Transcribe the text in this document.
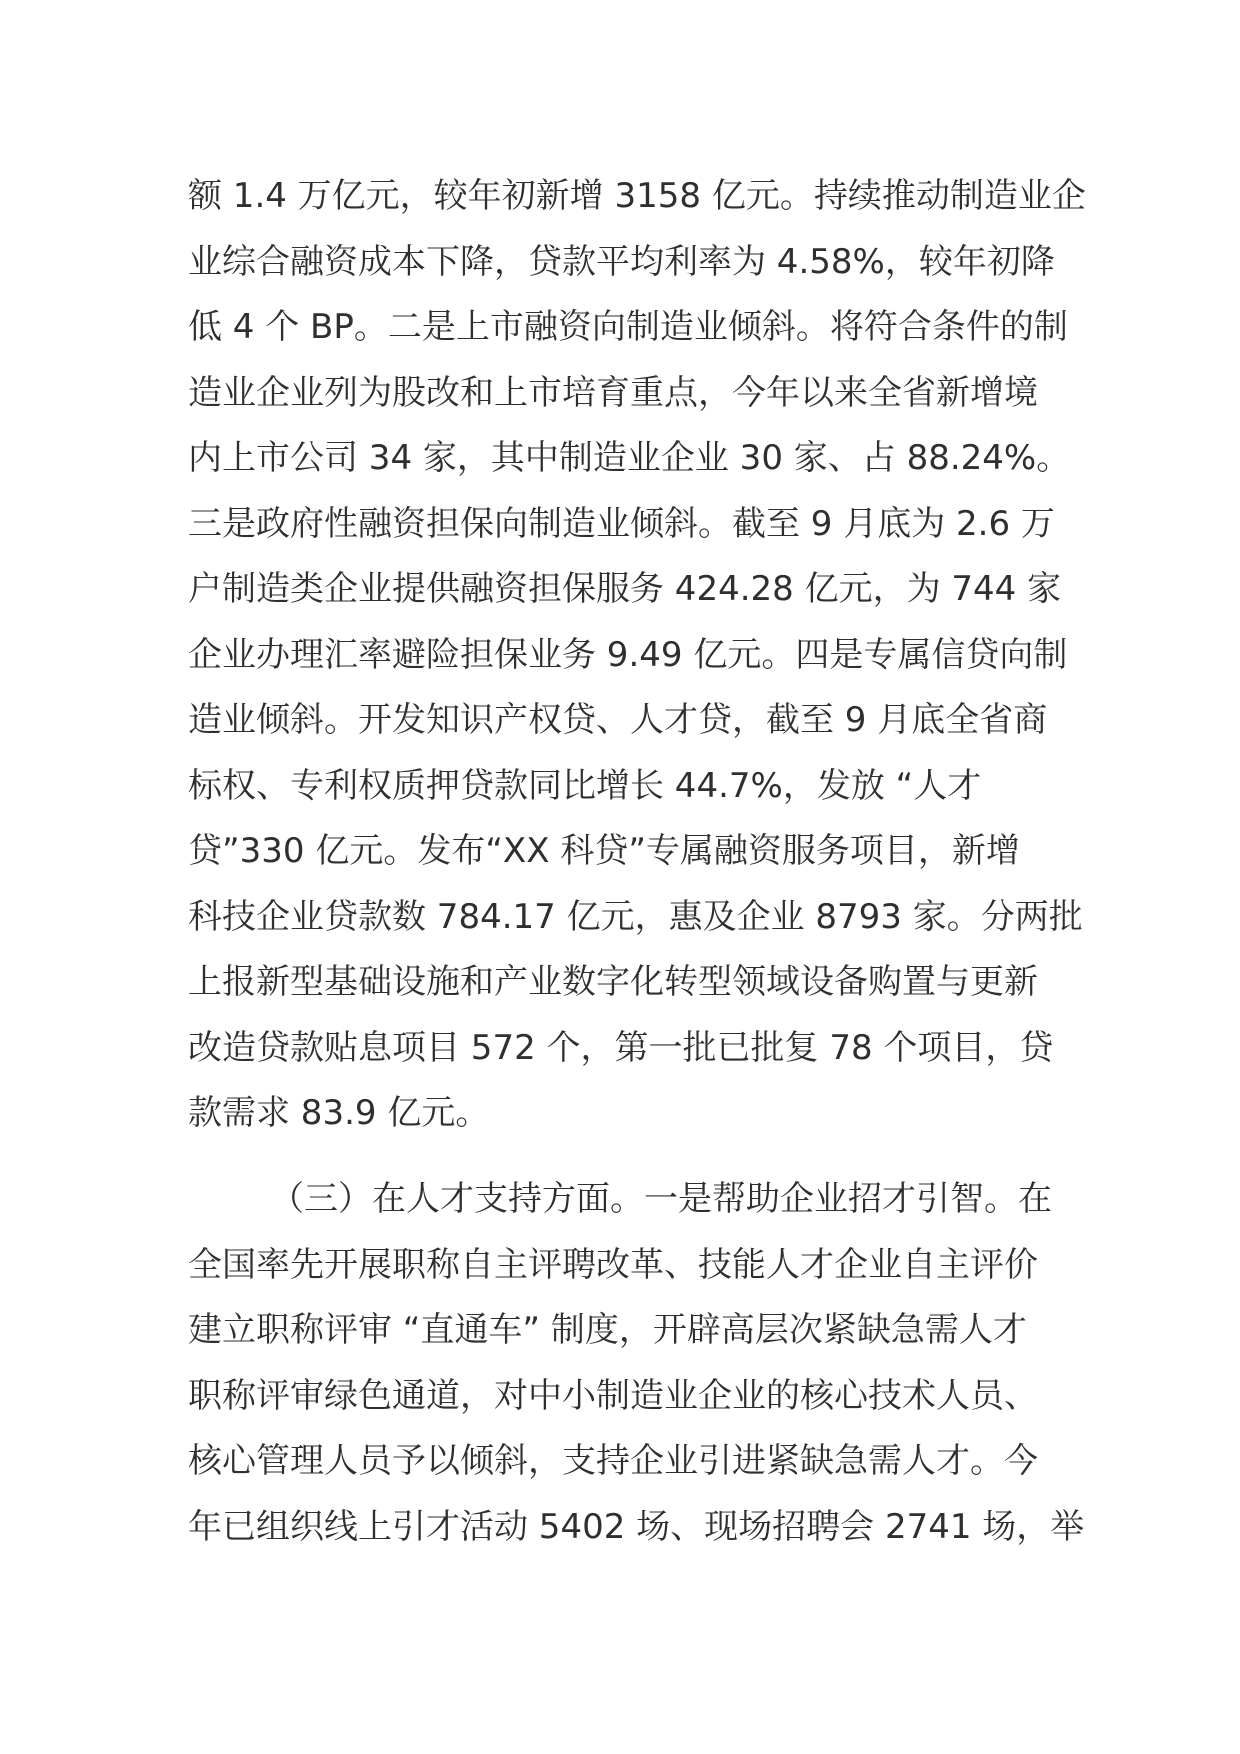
额 1.4 万亿元，较年初新增 3158 亿元。持续推动制造业企
业综合融资成本下降，贷款平均利率为 4.58%，较年初降
低 4 个 BP。二是上市融资向制造业倾斜。将符合条件的制
造业企业列为股改和上市培育重点，今年以来全省新增境
内上市公司 34 家，其中制造业企业 30 家、占 88.24%。
三是政府性融资担保向制造业倾斜。截至 9 月底为 2.6 万
户制造类企业提供融资担保服务 424.28 亿元，为 744 家
企业办理汇率避险担保业务 9.49 亿元。四是专属信贷向制
造业倾斜。开发知识产权贷、人才贷，截至 9 月底全省商
标权、专利权质押贷款同比增长 44.7%，发放 “人才
贷”330 亿元。发布“XX 科贷”专属融资服务项目，新增
科技企业贷款数 784.17 亿元，惠及企业 8793 家。分两批
上报新型基础设施和产业数字化转型领域设备购置与更新
改造贷款贴息项目 572 个，第一批已批复 78 个项目，贷
款需求 83.9 亿元。
（三）在人才支持方面。一是帮助企业招才引智。在
全国率先开展职称自主评聘改革、技能人才企业自主评价
建立职称评审 “直通车” 制度，开辟高层次紧缺急需人才
职称评审绿色通道，对中小制造业企业的核心技术人员、
核心管理人员予以倾斜，支持企业引进紧缺急需人才。今
年已组织线上引才活动 5402 场、现场招聘会 2741 场，举
